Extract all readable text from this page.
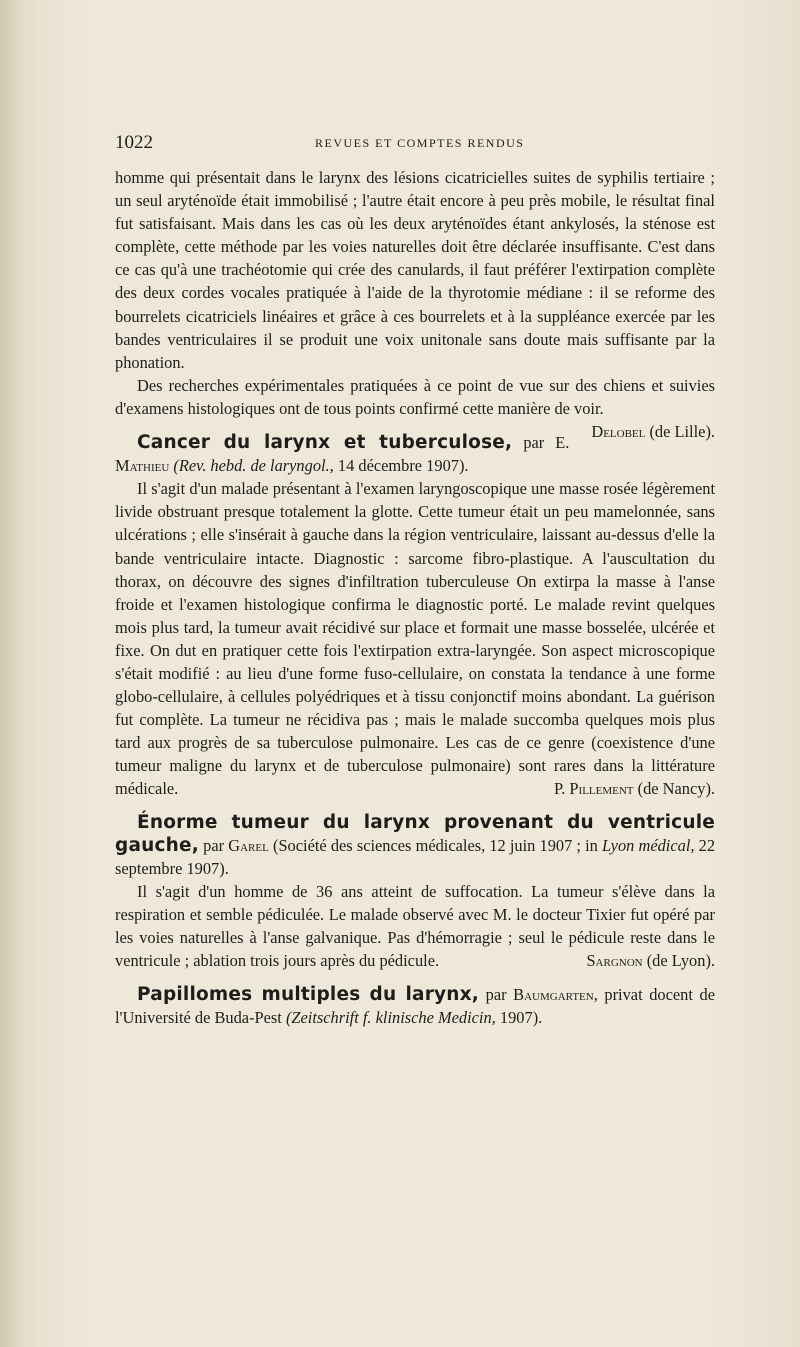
1022	REVUES ET COMPTES RENDUS

homme qui présentait dans le larynx des lésions cicatricielles suites de syphilis tertiaire ; un seul aryténoïde était immobilisé ; l'autre était encore à peu près mobile, le résultat final fut satisfaisant. Mais dans les cas où les deux aryténoïdes étant ankylosés, la sténose est complète, cette méthode par les voies naturelles doit être déclarée insuffisante. C'est dans ce cas qu'à une trachéotomie qui crée des canulards, il faut préférer l'extirpation complète des deux cordes vocales pratiquée à l'aide de la thyrotomie médiane : il se reforme des bourrelets cicatriciels linéaires et grâce à ces bourrelets et à la suppléance exercée par les bandes ventriculaires il se produit une voix unitonale sans doute mais suffisante par la phonation.

Des recherches expérimentales pratiquées à ce point de vue sur des chiens et suivies d'examens histologiques ont de tous points confirmé cette manière de voir.
Delobel (de Lille).

Cancer du larynx et tuberculose, par E. Mathieu (Rev. hebd. de laryngol., 14 décembre 1907).

Il s'agit d'un malade présentant à l'examen laryngoscopique une masse rosée légèrement livide obstruant presque totalement la glotte. Cette tumeur était un peu mamelonnée, sans ulcérations ; elle s'insérait à gauche dans la région ventriculaire, laissant au-dessus d'elle la bande ventriculaire intacte. Diagnostic : sarcome fibro-plastique. A l'auscultation du thorax, on découvre des signes d'infiltration tuberculeuse On extirpa la masse à l'anse froide et l'examen histologique confirma le diagnostic porté. Le malade revint quelques mois plus tard, la tumeur avait récidivé sur place et formait une masse bosselée, ulcérée et fixe. On dut en pratiquer cette fois l'extirpation extra-laryngée. Son aspect microscopique s'était modifié : au lieu d'une forme fuso-cellulaire, on constata la tendance à une forme globo-cellulaire, à cellules polyédriques et à tissu conjonctif moins abondant. La guérison fut complète. La tumeur ne récidiva pas ; mais le malade succomba quelques mois plus tard aux progrès de sa tuberculose pulmonaire. Les cas de ce genre (coexistence d'une tumeur maligne du larynx et de tuberculose pulmonaire) sont rares dans la littérature médicale.	P. Pillement (de Nancy).

Énorme tumeur du larynx provenant du ventricule gauche, par Garel (Société des sciences médicales, 12 juin 1907 ; in Lyon médical, 22 septembre 1907).

Il s'agit d'un homme de 36 ans atteint de suffocation. La tumeur s'élève dans la respiration et semble pédiculée. Le malade observé avec M. le docteur Tixier fut opéré par les voies naturelles à l'anse galvanique. Pas d'hémorragie ; seul le pédicule reste dans le ventricule ; ablation trois jours après du pédicule.	Sargnon (de Lyon).

Papillomes multiples du larynx, par Baumgarten, privat docent de l'Université de Buda-Pest (Zeitschrift f. klinische Medicin, 1907).
